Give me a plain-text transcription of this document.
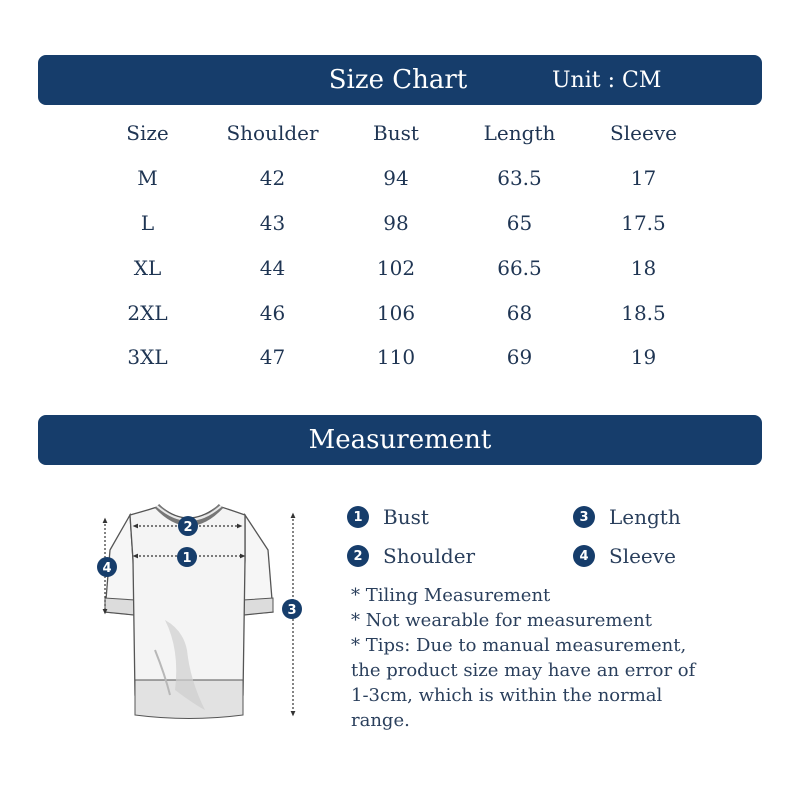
Size Chart	Unit : CM
Size	Shoulder	Bust	Length	Sleeve
M	42	94	63.5	17
L	43	98	65	17.5
XL	44	102	66.5	18
2XL	46	106	68	18.5
3XL	47	110	69	19
Measurement
2
1
4
3
1	Bust
2	Shoulder
3	Length
4	Sleeve
* Tiling Measurement
* Not wearable for measurement
* Tips: Due to manual measurement,
the product size may have an error of
1-3cm, which is within the normal
range.
